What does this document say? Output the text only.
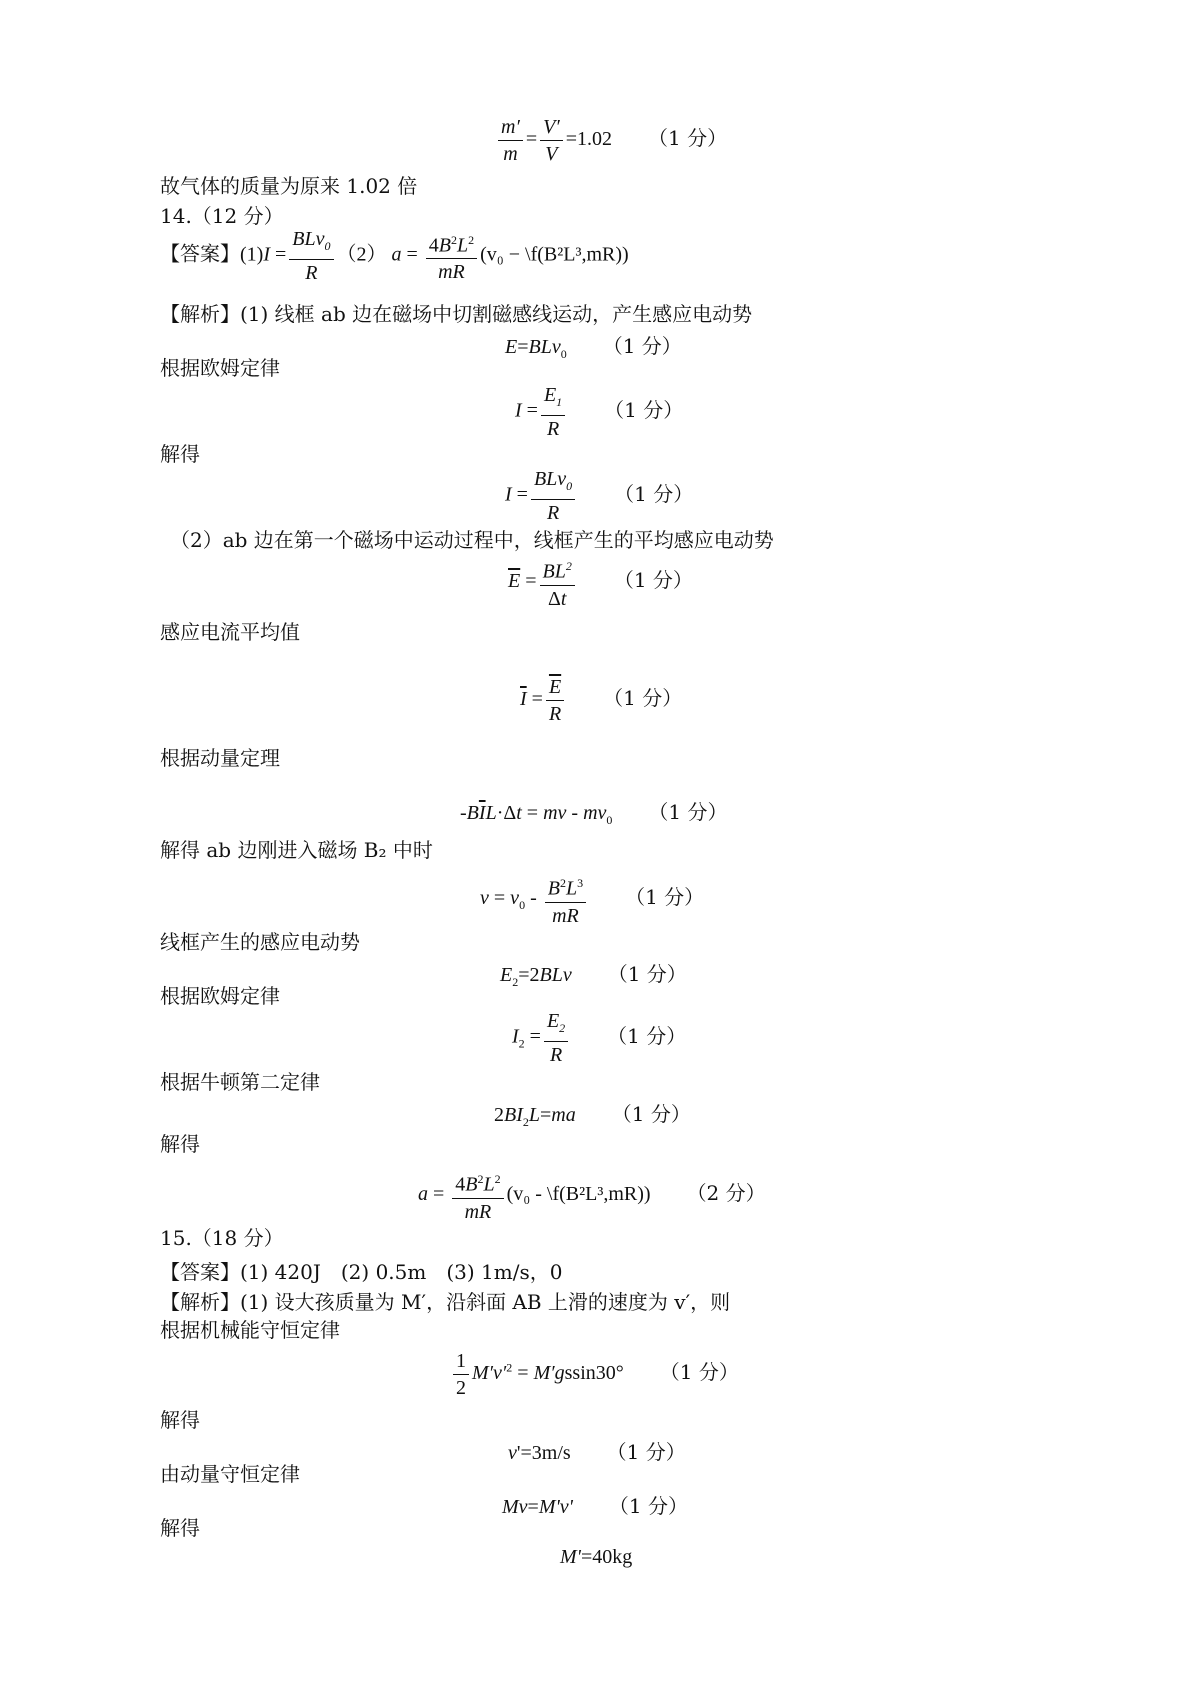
$\frac{m'}{m} = \frac{V'}{V} =1.02$ （1 分）
故气体的质量为原来 1.02 倍
14.（12 分）
【答案】$(1)I = \frac{BLv_0}{R} (2) a = \frac{4B^2L^2}{mR} (v_0$ − \f(B²L³,mR))
【解析】(1) 线框 ab 边在磁场中切割磁感线运动，产生感应电动势
E=BLv$_0$ （1 分）
根据欧姆定律
$I = \frac{E_1}{R} (1$ 分）
解得
$I = \frac{BLv_0}{R} (1$ 分）
（2）ab 边在第一个磁场中运动过程中，线框产生的平均感应电动势
$\overline{E} = \frac{BL^2}{\Delta t} (1$ 分）
感应电流平均值
$\overline{I} = \frac{\overline{E}}{R} (1$ 分）
根据动量定理
$-B\overline{I}L\cdot\Delta t$ = mv - $mv_0$ （1 分）
解得 ab 边刚进入磁场 B₂ 中时
$v = v_0 - \frac{B^2L^3}{mR} (1$ 分）
线框产生的感应电动势
$E_2=2BLv$ （1 分）
根据欧姆定律
$I_2 = \frac{E_2}{R} (1$ 分）
根据牛顿第二定律
$2BI_2L=ma$ （1 分）
解得
$a = \frac{4B^2L^2}{mR} (v_0$ - \f(B²L³,mR)) （2 分）
15.（18 分）
【答案】(1) 420J　(2) 0.5m　(3) 1m/s，0
【解析】(1) 设大孩质量为 M′，沿斜面 AB 上滑的速度为 v′，则
根据机械能守恒定律
$\frac{1}{2} M'v'^2 = M'gssin30^\circ$ （1 分）
解得
v'=3m/s （1 分）
由动量守恒定律
Mv=M'v' （1 分）
解得
M'=40kg
